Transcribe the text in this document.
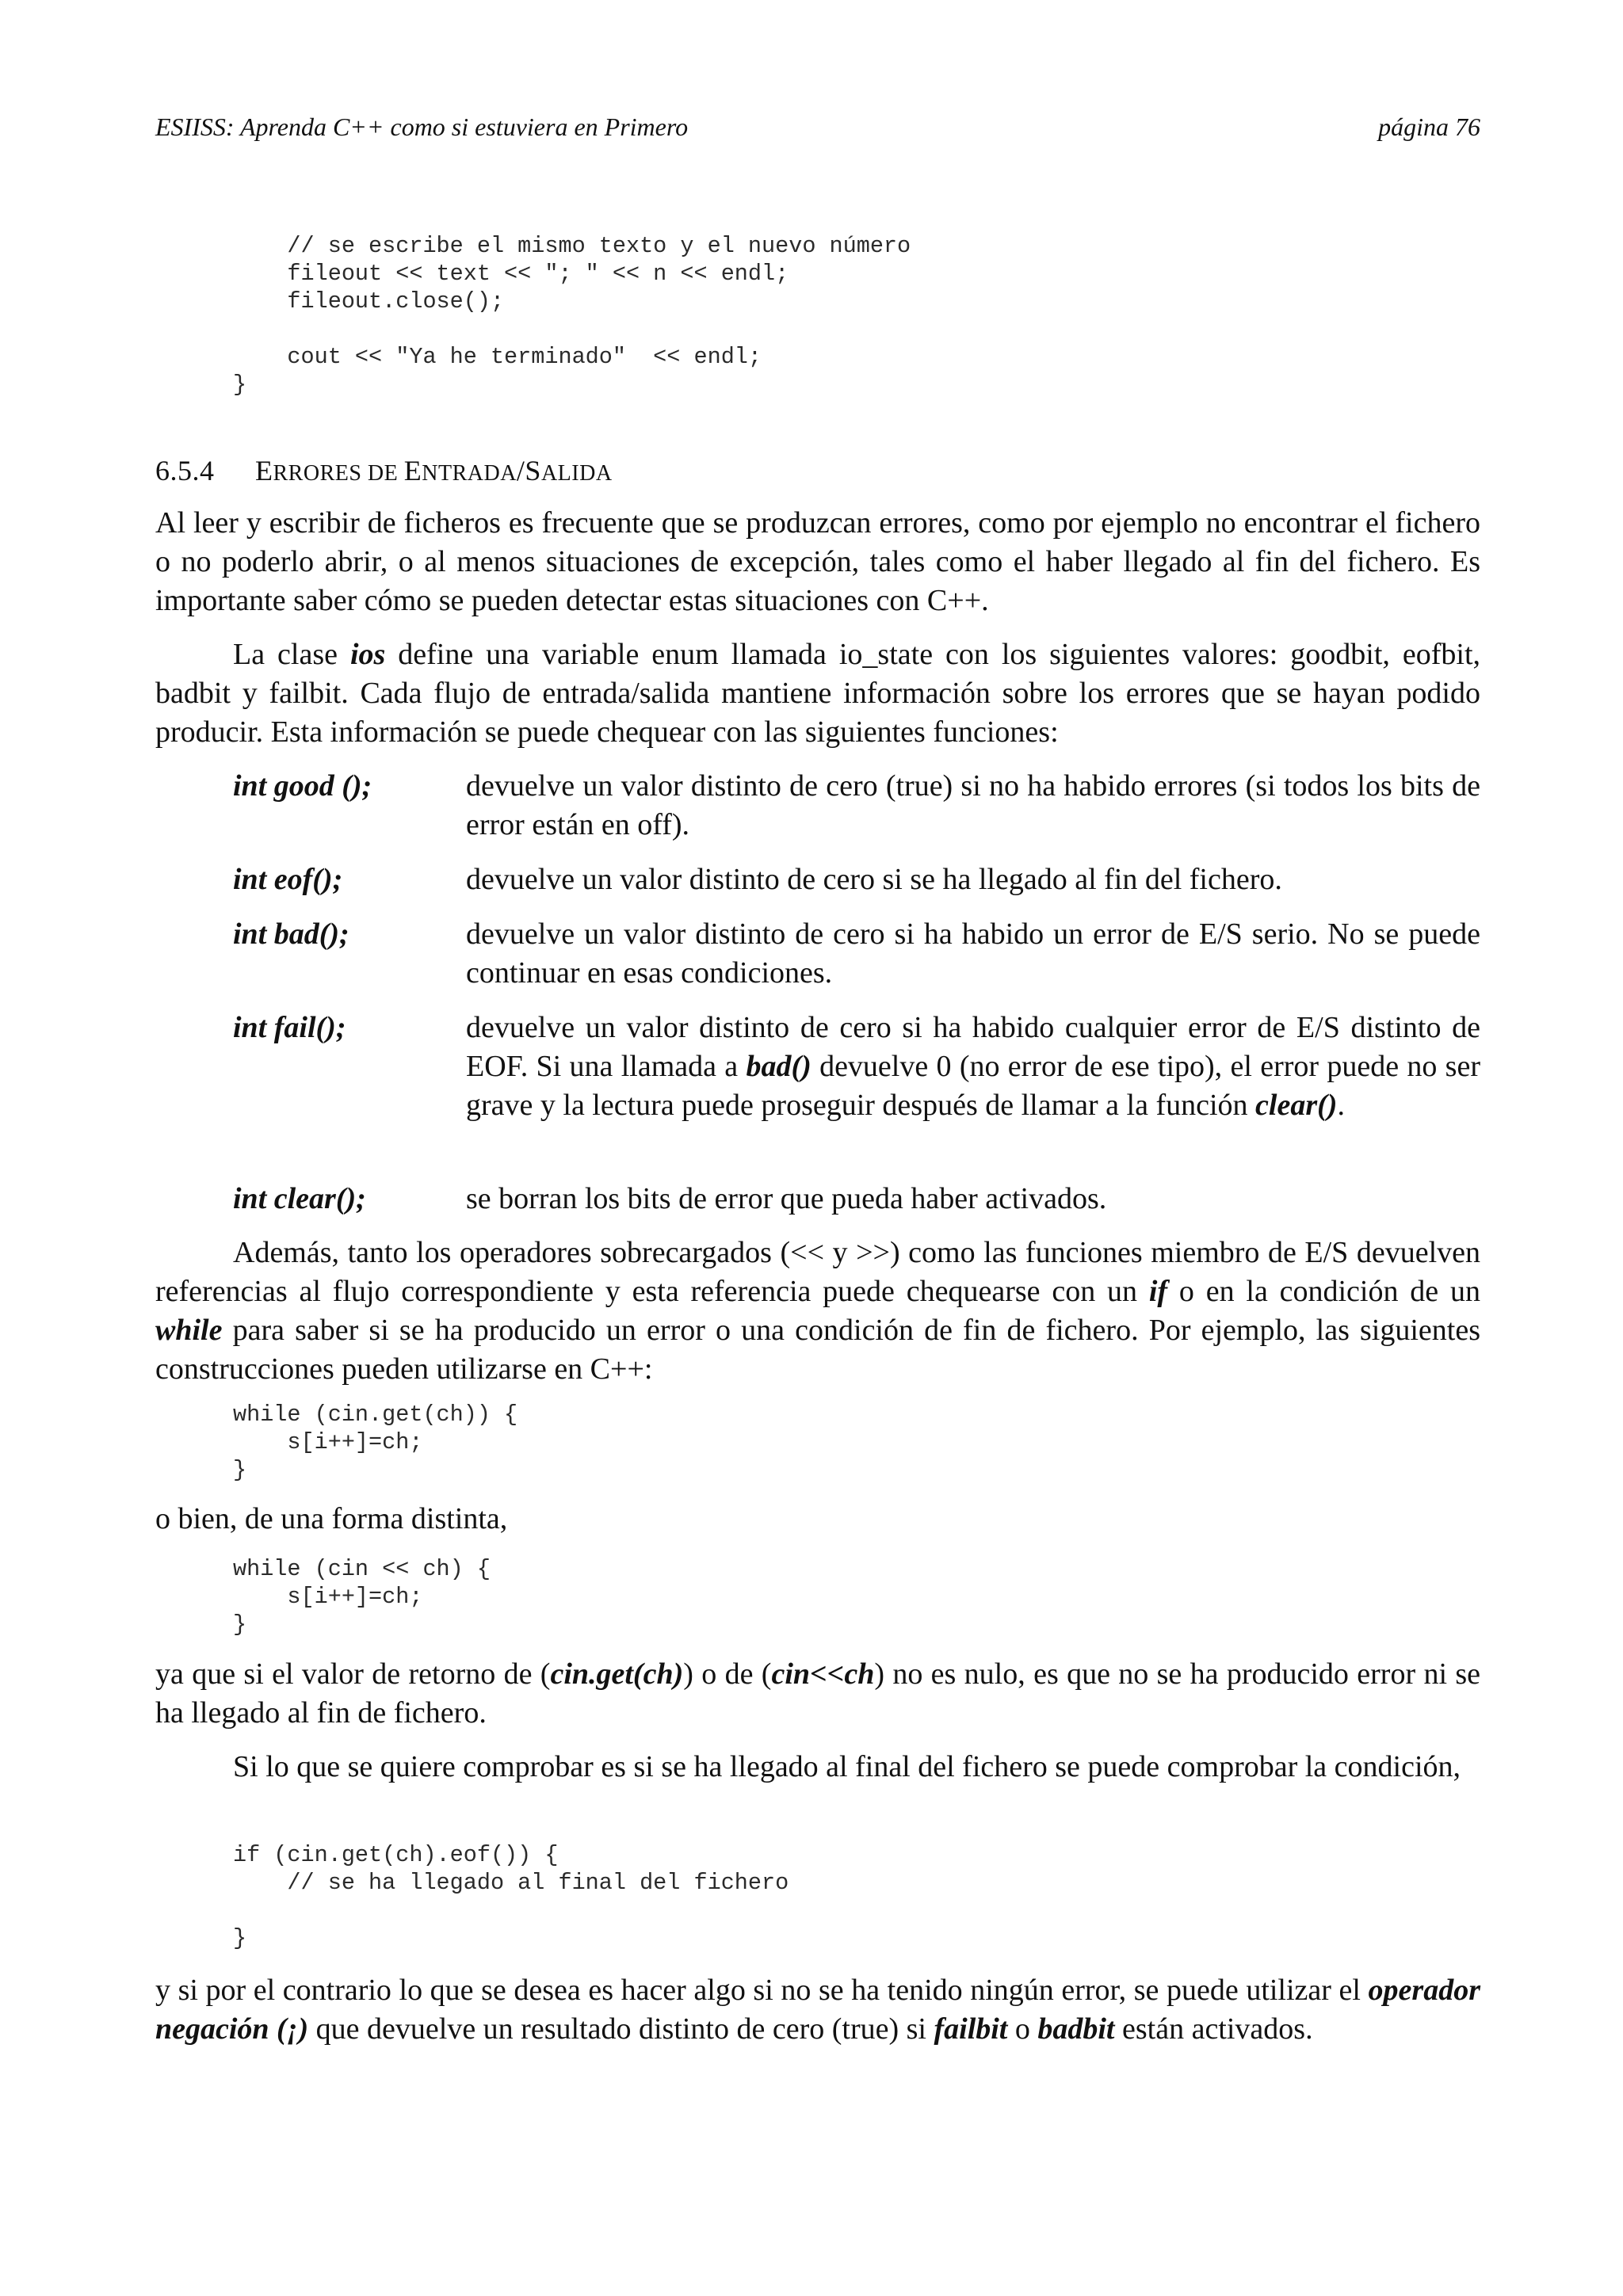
ESIISS: Aprenda C++ como si estuviera en Primero	página 76
// se escribe el mismo texto y el nuevo número
fileout << text << "; " << n << endl;
fileout.close();
cout << "Ya he terminado"  << endl;
}
6.5.4 ERRORES DE ENTRADA/SALIDA

Al leer y escribir de ficheros es frecuente que se produzcan errores, como por ejemplo no encontrar el fichero o no poderlo abrir, o al menos situaciones de excepción, tales como el haber llegado al fin del fichero. Es importante saber cómo se pueden detectar estas situaciones con C++.

La clase ios define una variable enum llamada io_state con los siguientes valores: goodbit, eofbit, badbit y failbit. Cada flujo de entrada/salida mantiene información sobre los errores que se hayan podido producir. Esta información se puede chequear con las siguientes funciones:

int good ();	devuelve un valor distinto de cero (true) si no ha habido errores (si todos los bits de error están en off).
int eof();	devuelve un valor distinto de cero si se ha llegado al fin del fichero.
int bad();	devuelve un valor distinto de cero si ha habido un error de E/S serio. No se puede continuar en esas condiciones.
int fail();	devuelve un valor distinto de cero si ha habido cualquier error de E/S distinto de EOF. Si una llamada a bad() devuelve 0 (no error de ese tipo), el error puede no ser grave y la lectura puede proseguir después de llamar a la función clear().
int clear();	se borran los bits de error que pueda haber activados.

Además, tanto los operadores sobrecargados (<< y >>) como las funciones miembro de E/S devuelven referencias al flujo correspondiente y esta referencia puede chequearse con un if o en la condición de un while para saber si se ha producido un error o una condición de fin de fichero. Por ejemplo, las siguientes construcciones pueden utilizarse en C++:

while (cin.get(ch)) {
s[i++]=ch;
}

o bien, de una forma distinta,

while (cin << ch) {
s[i++]=ch;
}

ya que si el valor de retorno de (cin.get(ch)) o de (cin<<ch) no es nulo, es que no se ha producido error ni se ha llegado al fin de fichero.

Si lo que se quiere comprobar es si se ha llegado al final del fichero se puede comprobar la condición,

if (cin.get(ch).eof()) {
// se ha llegado al final del fichero
}

y si por el contrario lo que se desea es hacer algo si no se ha tenido ningún error, se puede utilizar el operador negación (¡) que devuelve un resultado distinto de cero (true) si failbit o badbit están activados.
